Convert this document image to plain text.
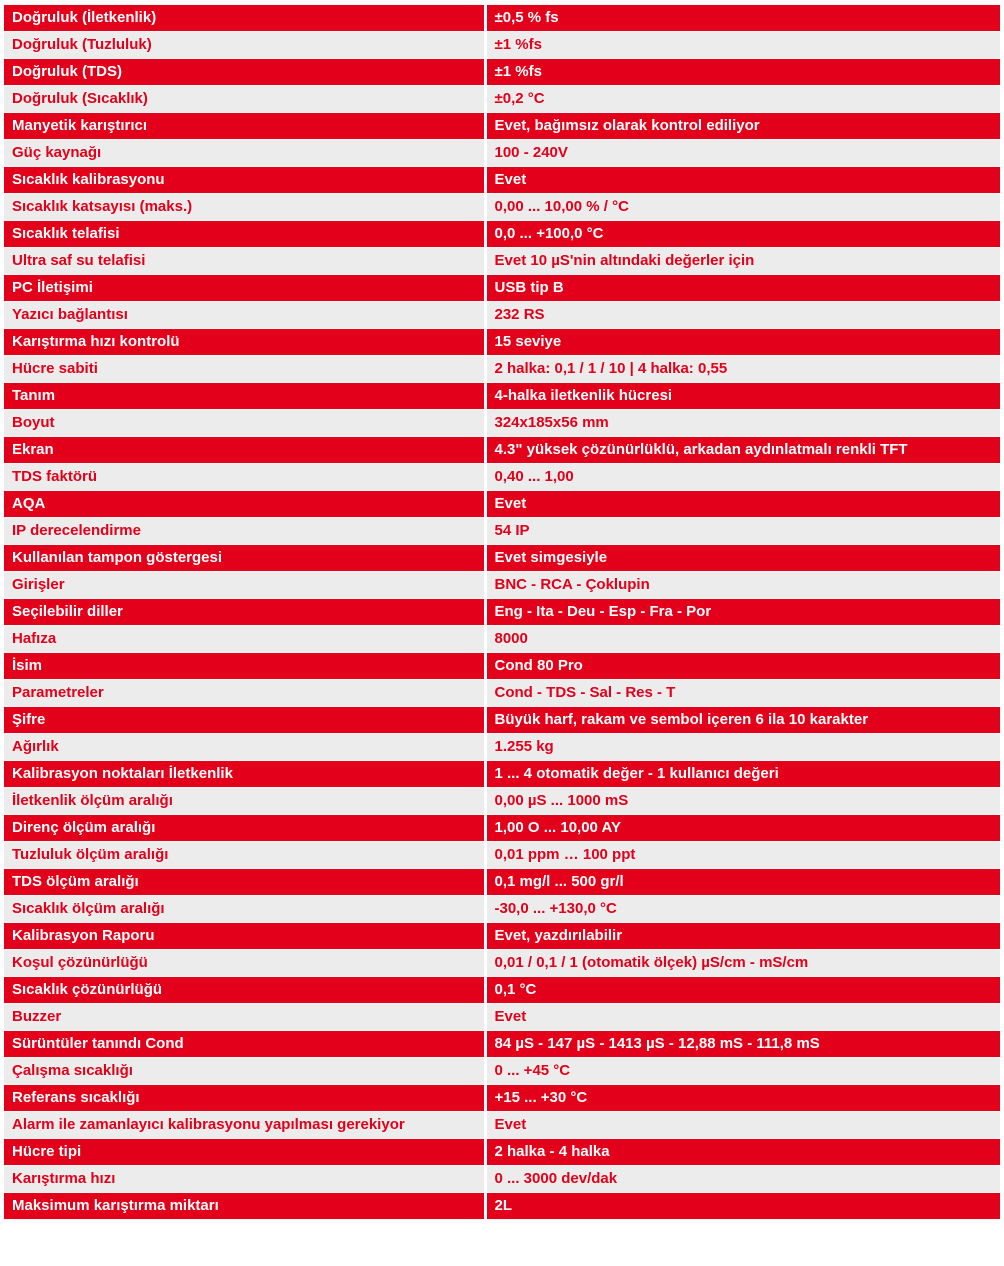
Doğruluk (İletkenlik)	±0,5 % fs
Doğruluk (Tuzluluk)	±1 %fs
Doğruluk (TDS)	±1 %fs
Doğruluk (Sıcaklık)	±0,2 °C
Manyetik karıştırıcı	Evet, bağımsız olarak kontrol ediliyor
Güç kaynağı	100 - 240V
Sıcaklık kalibrasyonu	Evet
Sıcaklık katsayısı (maks.)	0,00 ... 10,00 % / °C
Sıcaklık telafisi	0,0 ... +100,0 °C
Ultra saf su telafisi	Evet 10 µS'nin altındaki değerler için
PC İletişimi	USB tip B
Yazıcı bağlantısı	232 RS
Karıştırma hızı kontrolü	15 seviye
Hücre sabiti	2 halka: 0,1 / 1 / 10 | 4 halka: 0,55
Tanım	4-halka iletkenlik hücresi
Boyut	324x185x56 mm
Ekran	4.3" yüksek çözünürlüklü, arkadan aydınlatmalı renkli TFT
TDS faktörü	0,40 ... 1,00
AQA	Evet
IP derecelendirme	54 IP
Kullanılan tampon göstergesi	Evet simgesiyle
Girişler	BNC - RCA - Çoklupin
Seçilebilir diller	Eng - Ita - Deu - Esp - Fra - Por
Hafıza	8000
İsim	Cond 80 Pro
Parametreler	Cond - TDS - Sal - Res - T
Şifre	Büyük harf, rakam ve sembol içeren 6 ila 10 karakter
Ağırlık	1.255 kg
Kalibrasyon noktaları İletkenlik	1 ... 4 otomatik değer - 1 kullanıcı değeri
İletkenlik ölçüm aralığı	0,00 µS ... 1000 mS
Direnç ölçüm aralığı	1,00 O ... 10,00 AY
Tuzluluk ölçüm aralığı	0,01 ppm … 100 ppt
TDS ölçüm aralığı	0,1 mg/l ... 500 gr/l
Sıcaklık ölçüm aralığı	-30,0 ... +130,0 °C
Kalibrasyon Raporu	Evet, yazdırılabilir
Koşul çözünürlüğü	0,01 / 0,1 / 1 (otomatik ölçek) µS/cm - mS/cm
Sıcaklık çözünürlüğü	0,1 °C
Buzzer	Evet
Sürüntüler tanındı Cond	84 µS - 147 µS - 1413 µS - 12,88 mS - 111,8 mS
Çalışma sıcaklığı	0 ... +45 °C
Referans sıcaklığı	+15 ... +30 °C
Alarm ile zamanlayıcı kalibrasyonu yapılması gerekiyor	Evet
Hücre tipi	2 halka - 4 halka
Karıştırma hızı	0 ... 3000 dev/dak
Maksimum karıştırma miktarı	2L
